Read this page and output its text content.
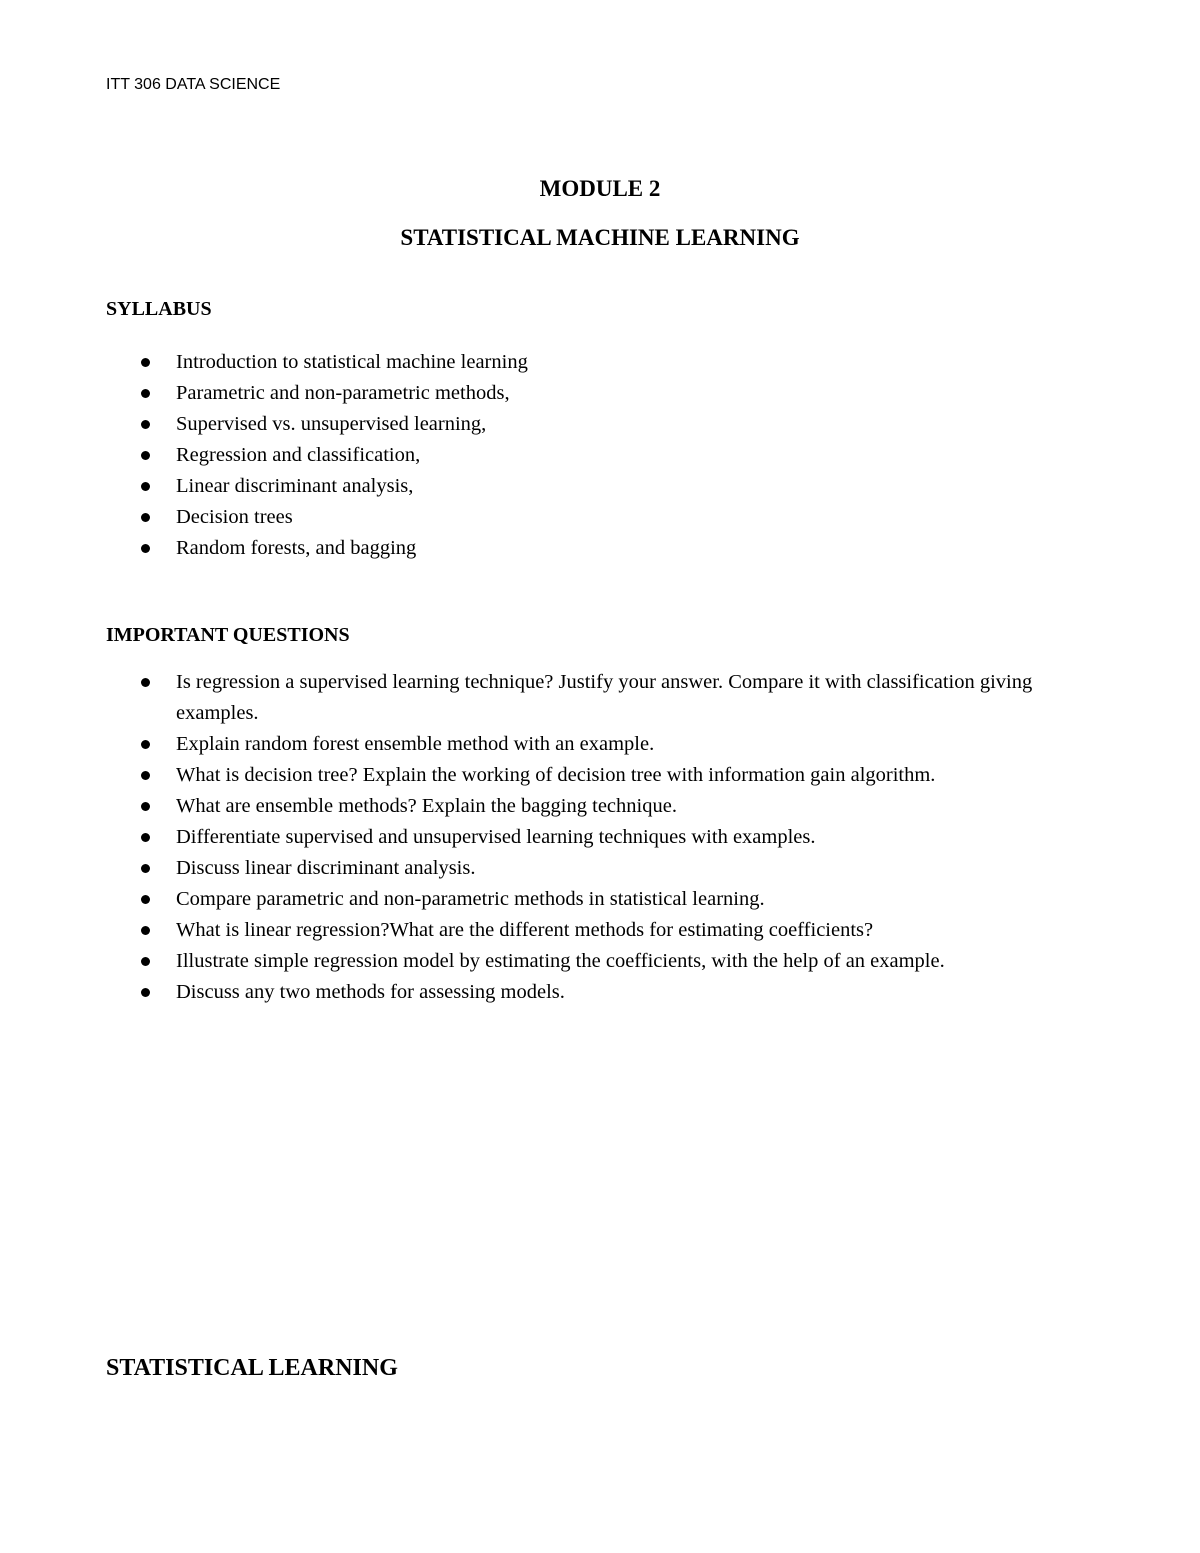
ITT 306 DATA SCIENCE
MODULE 2
STATISTICAL MACHINE LEARNING
SYLLABUS
Introduction to statistical machine learning
Parametric and non-parametric methods,
Supervised vs. unsupervised learning,
Regression and classification,
Linear discriminant analysis,
Decision trees
Random forests, and bagging
IMPORTANT QUESTIONS
Is regression a supervised learning technique? Justify your answer. Compare it with classification giving examples.
Explain random forest ensemble method with an example.
What is decision tree? Explain the working of decision tree with information gain algorithm.
What are ensemble methods? Explain the bagging technique.
Differentiate supervised and unsupervised learning techniques with examples.
Discuss linear discriminant analysis.
Compare parametric and non-parametric methods in statistical learning.
What is linear regression?What are the different methods for estimating coefficients?
Illustrate simple regression model by estimating the coefficients, with the help of an example.
Discuss any two methods for assessing models.
STATISTICAL LEARNING
